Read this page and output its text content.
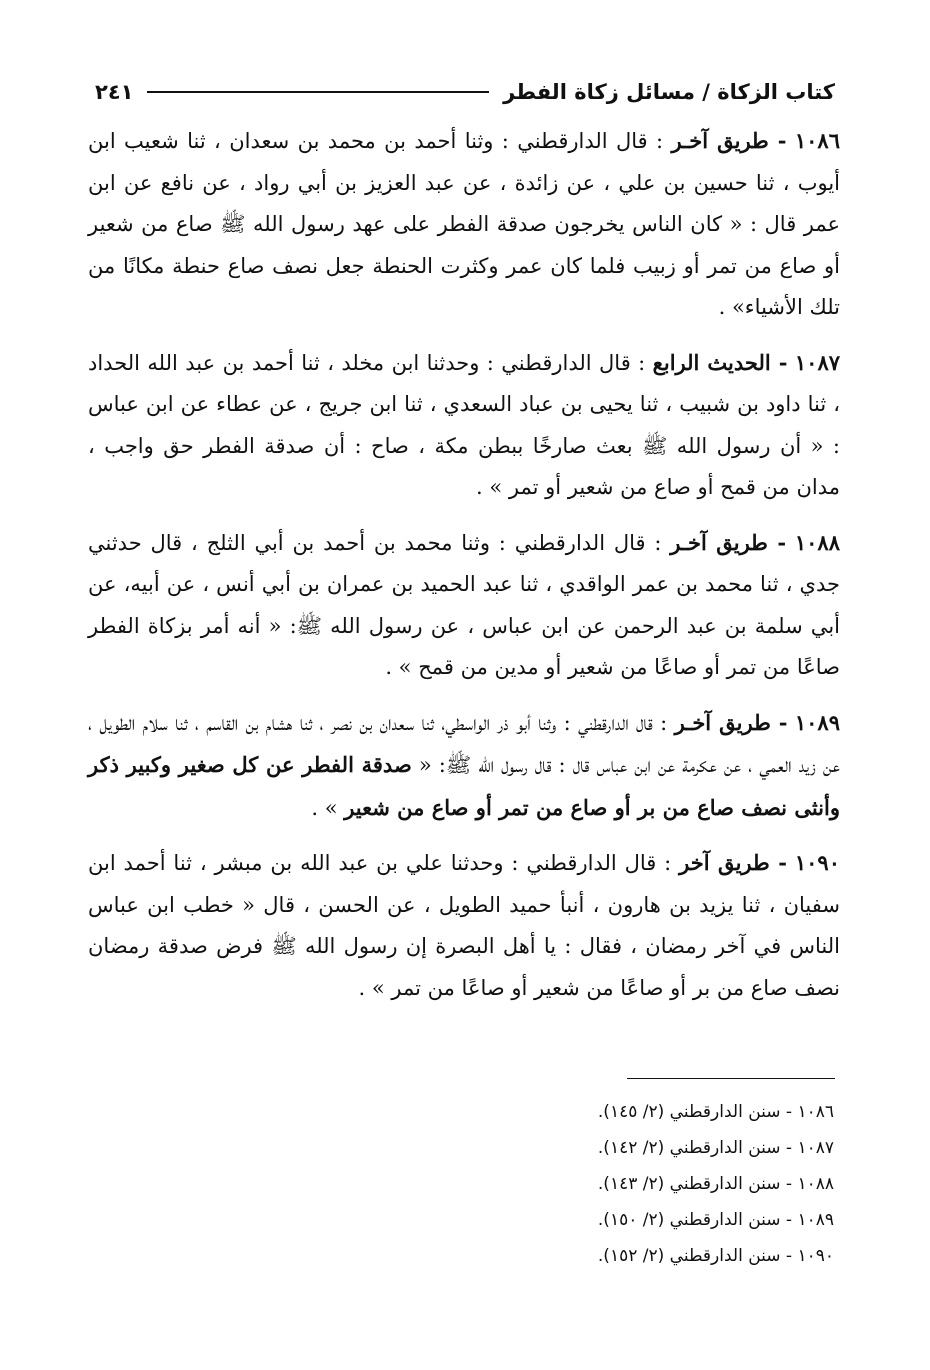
كتاب الزكاة / مسائل زكاة الفطر
٢٤١

١٠٨٦ - طريق آخـر : قال الدارقطني : وثنا أحمد بن محمد بن سعدان ، ثنا شعيب ابن أيوب ، ثنا حسين بن علي ، عن زائدة ، عن عبد العزيز بن أبي رواد ، عن نافع عن ابن عمر قال : « كان الناس يخرجون صدقة الفطر على عهد رسول الله ﷺ صاع من شعير أو صاع من تمر أو زبيب فلما كان عمر وكثرت الحنطة جعل نصف صاع حنطة مكانًا من تلك الأشياء» .

١٠٨٧ - الحديث الرابع : قال الدارقطني : وحدثنا ابن مخلد ، ثنا أحمد بن عبد الله الحداد ، ثنا داود بن شبيب ، ثنا يحيى بن عباد السعدي ، ثنا ابن جريج ، عن عطاء عن ابن عباس : « أن رسول الله ﷺ بعث صارخًا ببطن مكة ، صاح : أن صدقة الفطر حق واجب ، مدان من قمح أو صاع من شعير أو تمر » .

١٠٨٨ - طريق آخـر : قال الدارقطني : وثنا محمد بن أحمد بن أبي الثلج ، قال حدثني جدي ، ثنا محمد بن عمر الواقدي ، ثنا عبد الحميد بن عمران بن أبي أنس ، عن أبيه، عن أبي سلمة بن عبد الرحمن عن ابن عباس ، عن رسول الله ﷺ: « أنه أمر بزكاة الفطر صاعًا من تمر أو صاعًا من شعير أو مدين من قمح » .

١٠٨٩ - طريق آخـر : قال الدارقطني : وثنا أبو ذر الواسطي، ثنا سعدان بن نصر ، ثنا هشام بن القاسم ، ثنا سلام الطويل ، عن زيد العمي ، عن عكرمة عن ابن عباس قال : قال رسول الله ﷺ: « صدقة الفطر عن كل صغير وكبير ذكر وأنثى نصف صاع من بر أو صاع من تمر أو صاع من شعير » .

١٠٩٠ - طريق آخر : قال الدارقطني : وحدثنا علي بن عبد الله بن مبشر ، ثنا أحمد ابن سفيان ، ثنا يزيد بن هارون ، أنبأ حميد الطويل ، عن الحسن ، قال « خطب ابن عباس الناس في آخر رمضان ، فقال : يا أهل البصرة إن رسول الله ﷺ فرض صدقة رمضان نصف صاع من بر أو صاعًا من شعير أو صاعًا من تمر » .

١٠٨٦ - سنن الدارقطني (٢/ ١٤٥).
١٠٨٧ - سنن الدارقطني (٢/ ١٤٢).
١٠٨٨ - سنن الدارقطني (٢/ ١٤٣).
١٠٨٩ - سنن الدارقطني (٢/ ١٥٠).
١٠٩٠ - سنن الدارقطني (٢/ ١٥٢).
